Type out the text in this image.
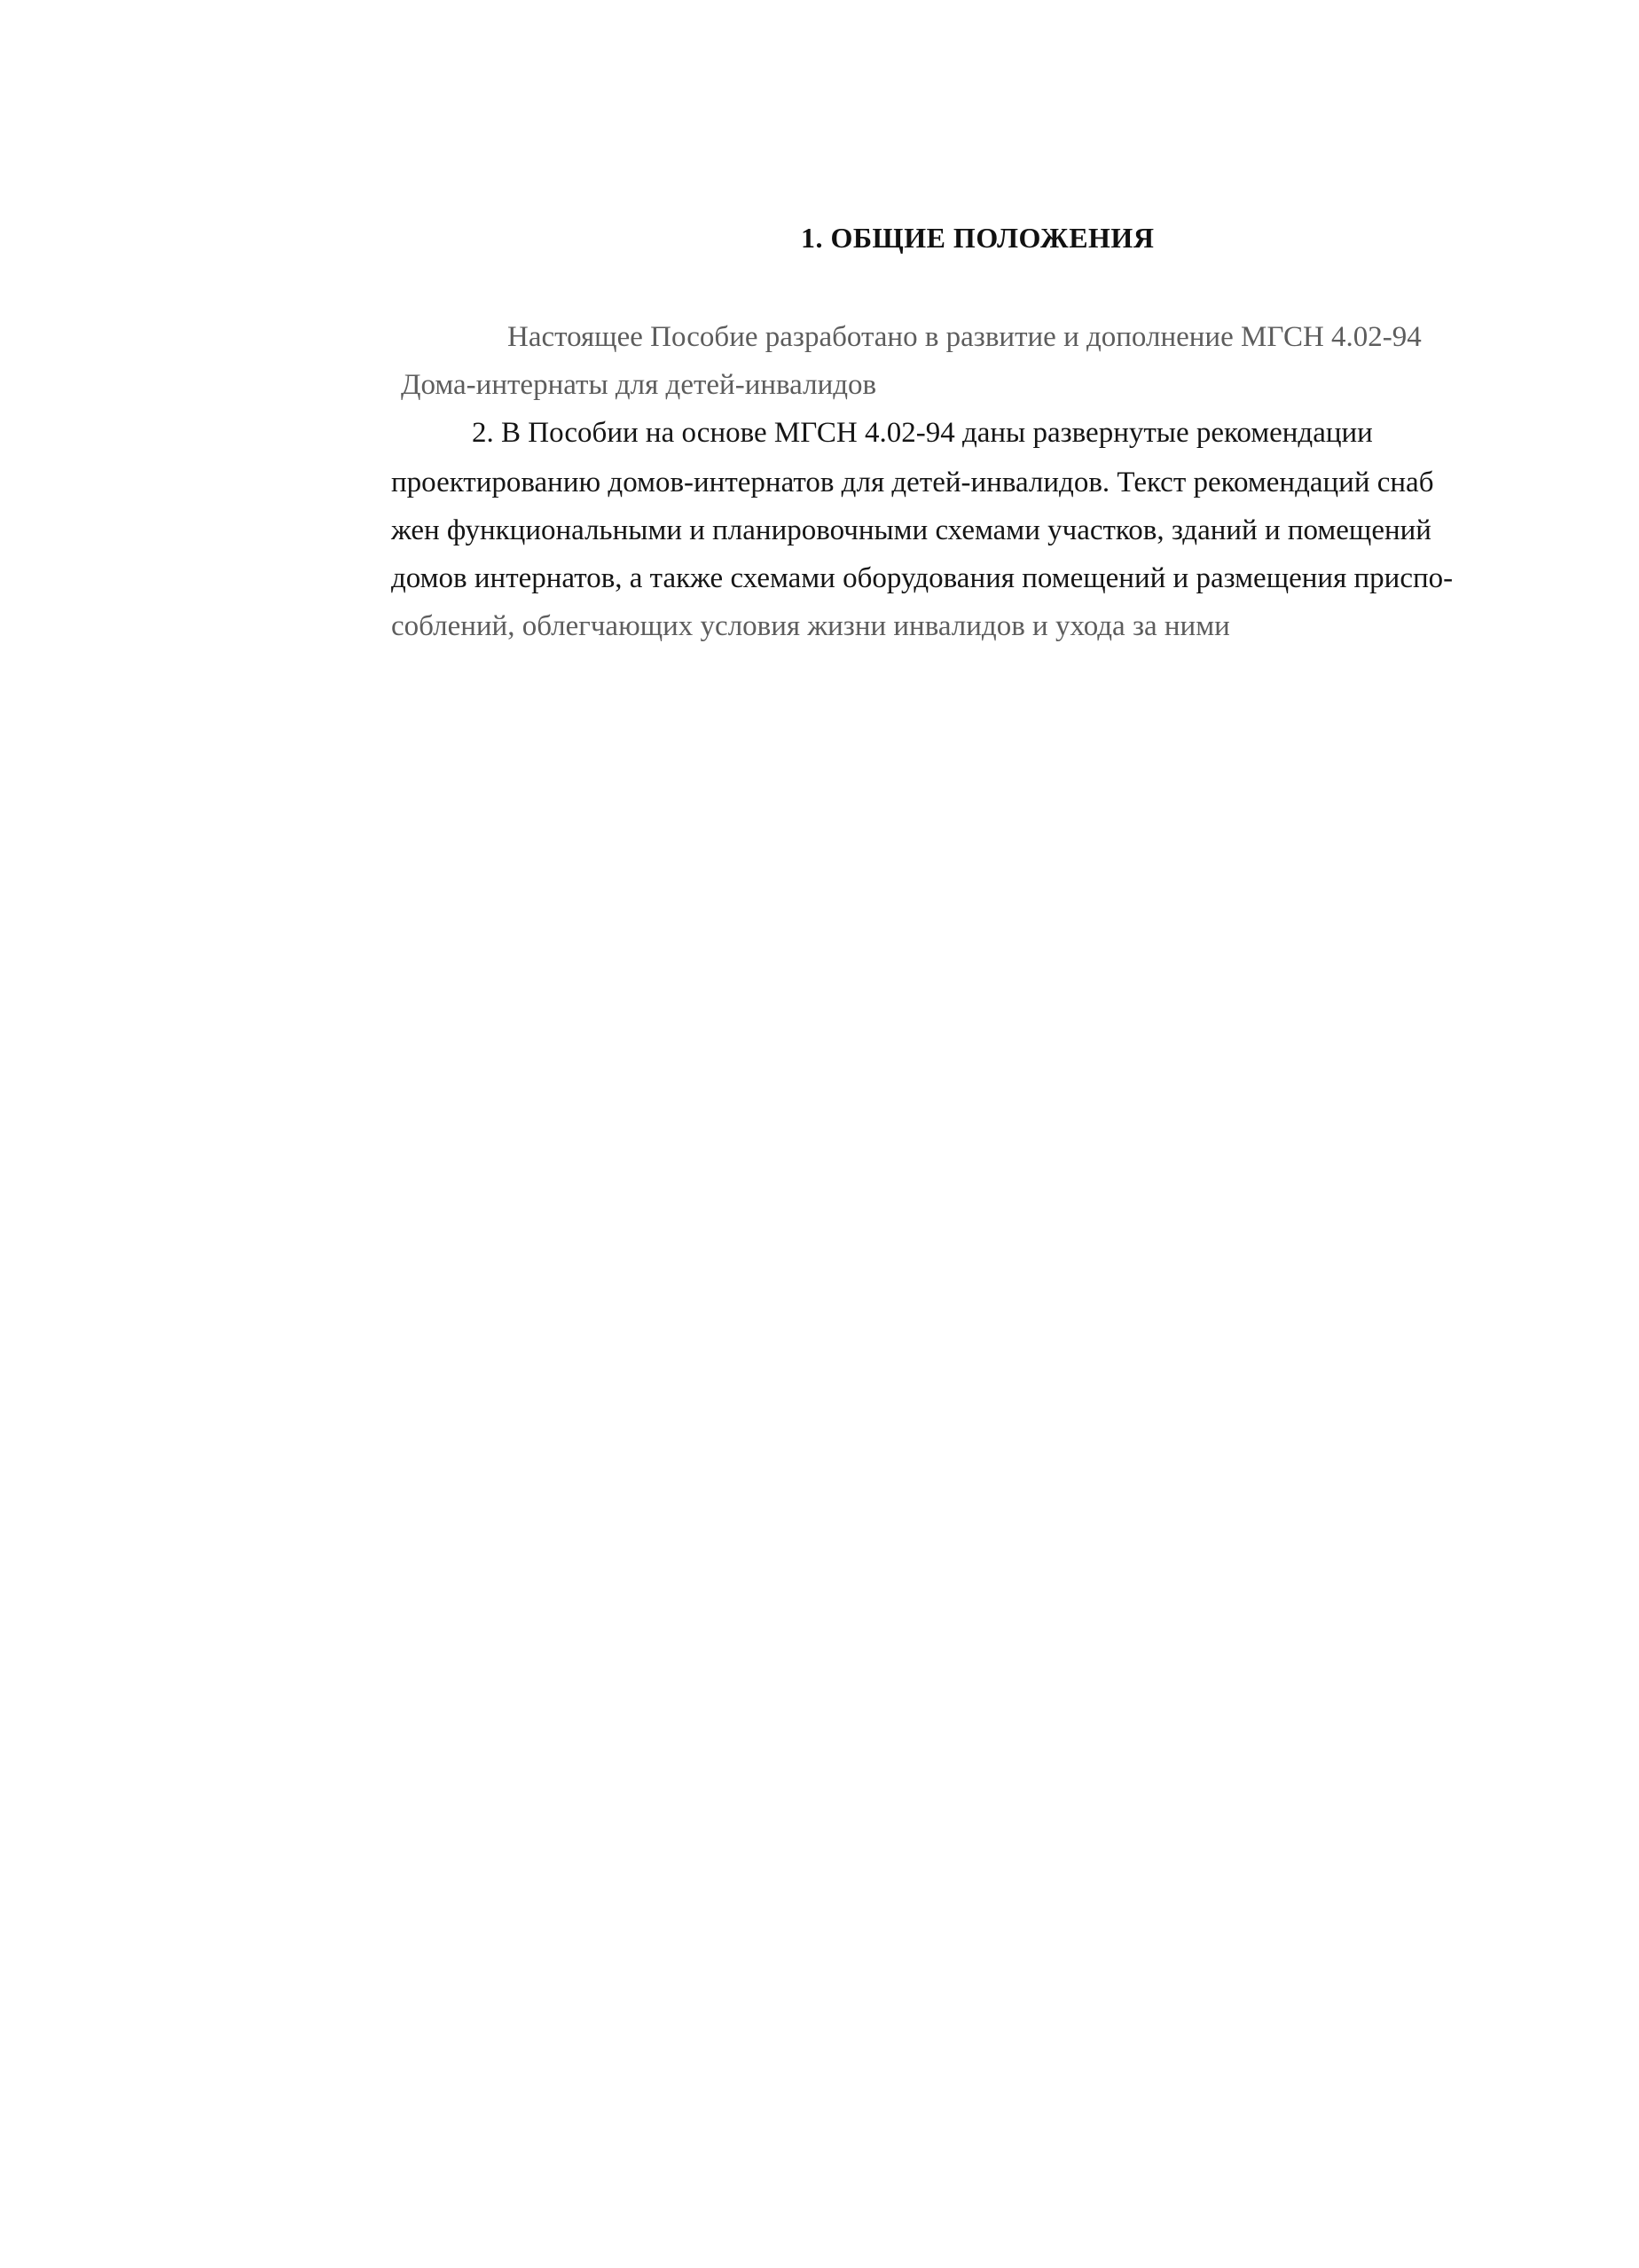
1. ОБЩИЕ ПОЛОЖЕНИЯ

Настоящее Пособие разработано в развитие и дополнение МГСН 4.02-94

Дома-интернаты для детей-инвалидов

2. В Пособии на основе МГСН 4.02-94 даны развернутые рекомендации

проектированию домов-интернатов для детей-инвалидов. Текст рекомендаций снаб

жен функциональными и планировочными схемами участков, зданий и помещений

домов интернатов, а также схемами оборудования помещений и размещения приспо-

соблений, облегчающих условия жизни инвалидов и ухода за ними
